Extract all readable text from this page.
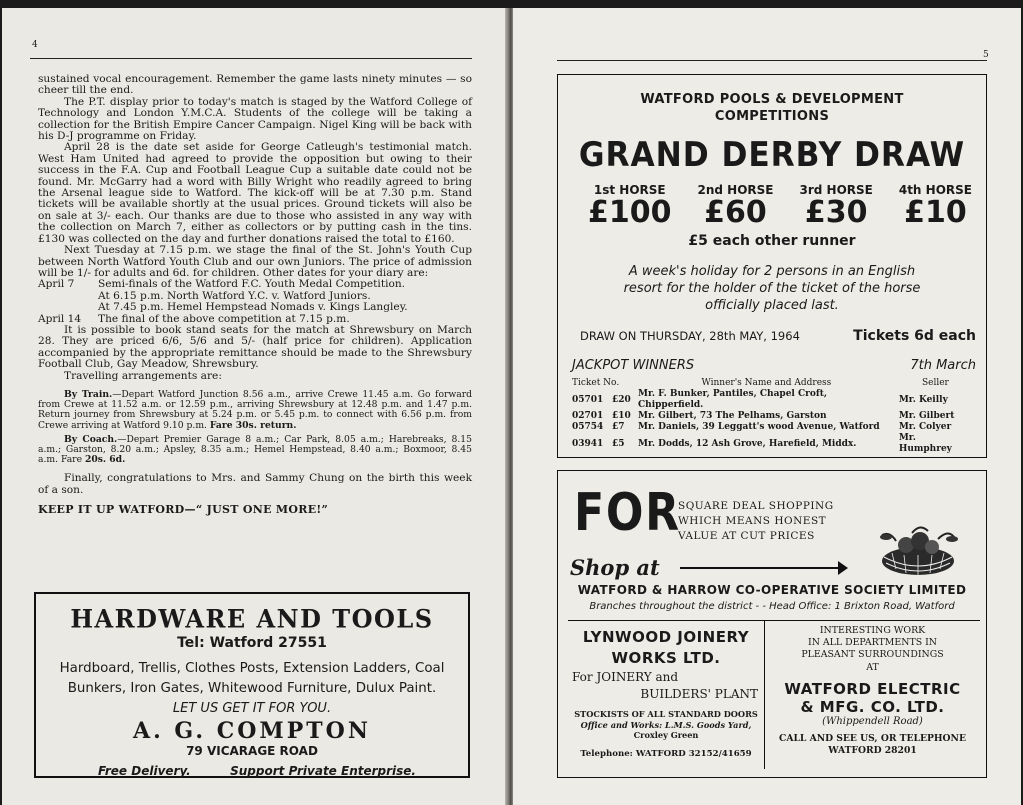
4

sustained vocal encouragement. Remember the game lasts ninety minutes — so cheer till the end.

The P.T. display prior to today's match is staged by the Watford College of Technology and London Y.M.C.A. Students of the college will be taking a collection for the British Empire Cancer Campaign. Nigel King will be back with his D-J programme on Friday.

April 28 is the date set aside for George Catleugh's testimonial match. West Ham United had agreed to provide the opposition but owing to their success in the F.A. Cup and Football League Cup a suitable date could not be found. Mr. McGarry had a word with Billy Wright who readily agreed to bring the Arsenal league side to Watford. The kick-off will be at 7.30 p.m. Stand tickets will be available shortly at the usual prices. Ground tickets will also be on sale at 3/- each. Our thanks are due to those who assisted in any way with the collection on March 7, either as collectors or by putting cash in the tins. £130 was collected on the day and further donations raised the total to £160.

Next Tuesday at 7.15 p.m. we stage the final of the St. John's Youth Cup between North Watford Youth Club and our own Juniors. The price of admission will be 1/- for adults and 6d. for children. Other dates for your diary are:

April 7	Semi-finals of the Watford F.C. Youth Medal Competition.
At 6.15 p.m. North Watford Y.C. v. Watford Juniors.
At 7.45 p.m. Hemel Hempstead Nomads v. Kings Langley.
April 14	The final of the above competition at 7.15 p.m.

It is possible to book stand seats for the match at Shrewsbury on March 28. They are priced 6/6, 5/6 and 5/- (half price for children). Application accompanied by the appropriate remittance should be made to the Shrewsbury Football Club, Gay Meadow, Shrewsbury.

Travelling arrangements are:

By Train.—Depart Watford Junction 8.56 a.m., arrive Crewe 11.45 a.m. Go forward from Crewe at 11.52 a.m. or 12.59 p.m., arriving Shrewsbury at 12.48 p.m. and 1.47 p.m. Return journey from Shrewsbury at 5.24 p.m. or 5.45 p.m. to connect with 6.56 p.m. from Crewe arriving at Watford 9.10 p.m. Fare 30s. return.

By Coach.—Depart Premier Garage 8 a.m.; Car Park, 8.05 a.m.; Harebreaks, 8.15 a.m.; Garston, 8.20 a.m.; Apsley, 8.35 a.m.; Hemel Hempstead, 8.40 a.m.; Boxmoor, 8.45 a.m. Fare 20s. 6d.

Finally, congratulations to Mrs. and Sammy Chung on the birth this week of a son.

KEEP IT UP WATFORD—“ JUST ONE MORE!”

HARDWARE AND TOOLS
Tel: Watford 27551
Hardboard, Trellis, Clothes Posts, Extension Ladders, Coal
Bunkers, Iron Gates, Whitewood Furniture, Dulux Paint.
LET US GET IT FOR YOU.
A. G. COMPTON
79 VICARAGE ROAD
Free Delivery.	Support Private Enterprise.
5
WATFORD POOLS & DEVELOPMENT
COMPETITIONS
GRAND DERBY DRAW
1st HORSE
£100
2nd HORSE
£60
3rd HORSE
£30
4th HORSE
£10
£5 each other runner
A week's holiday for 2 persons in an English
resort for the holder of the ticket of the horse
officially placed last.
DRAW ON THURSDAY, 28th MAY, 1964	Tickets 6d each
JACKPOT WINNERS	7th March
Ticket No.		Winner's Name and Address	Seller
05701	£20	Mr. F. Bunker, Pantiles, Chapel Croft, Chipperfield.	Mr. Keilly
02701	£10	Mr. Gilbert, 73 The Pelhams, Garston	Mr. Gilbert
05754	£7	Mr. Daniels, 39 Leggatt's wood Avenue, Watford	Mr. Colyer
03941	£5	Mr. Dodds, 12 Ash Grove, Harefield, Middx.	Mr. Humphrey
FOR
SQUARE DEAL SHOPPING
WHICH MEANS HONEST
VALUE AT CUT PRICES
Shop at
WATFORD & HARROW CO-OPERATIVE SOCIETY LIMITED
Branches throughout the district - - Head Office: 1 Brixton Road, Watford
LYNWOOD JOINERY
WORKS LTD.
For JOINERY and
BUILDERS' PLANT
STOCKISTS OF ALL STANDARD DOORS
Office and Works: L.M.S. Goods Yard,
Croxley Green
Telephone: WATFORD 32152/41659
INTERESTING WORK
IN ALL DEPARTMENTS IN
PLEASANT SURROUNDINGS
AT
WATFORD ELECTRIC
& MFG. CO. LTD.
(Whippendell Road)
CALL AND SEE US, OR TELEPHONE
WATFORD 28201
